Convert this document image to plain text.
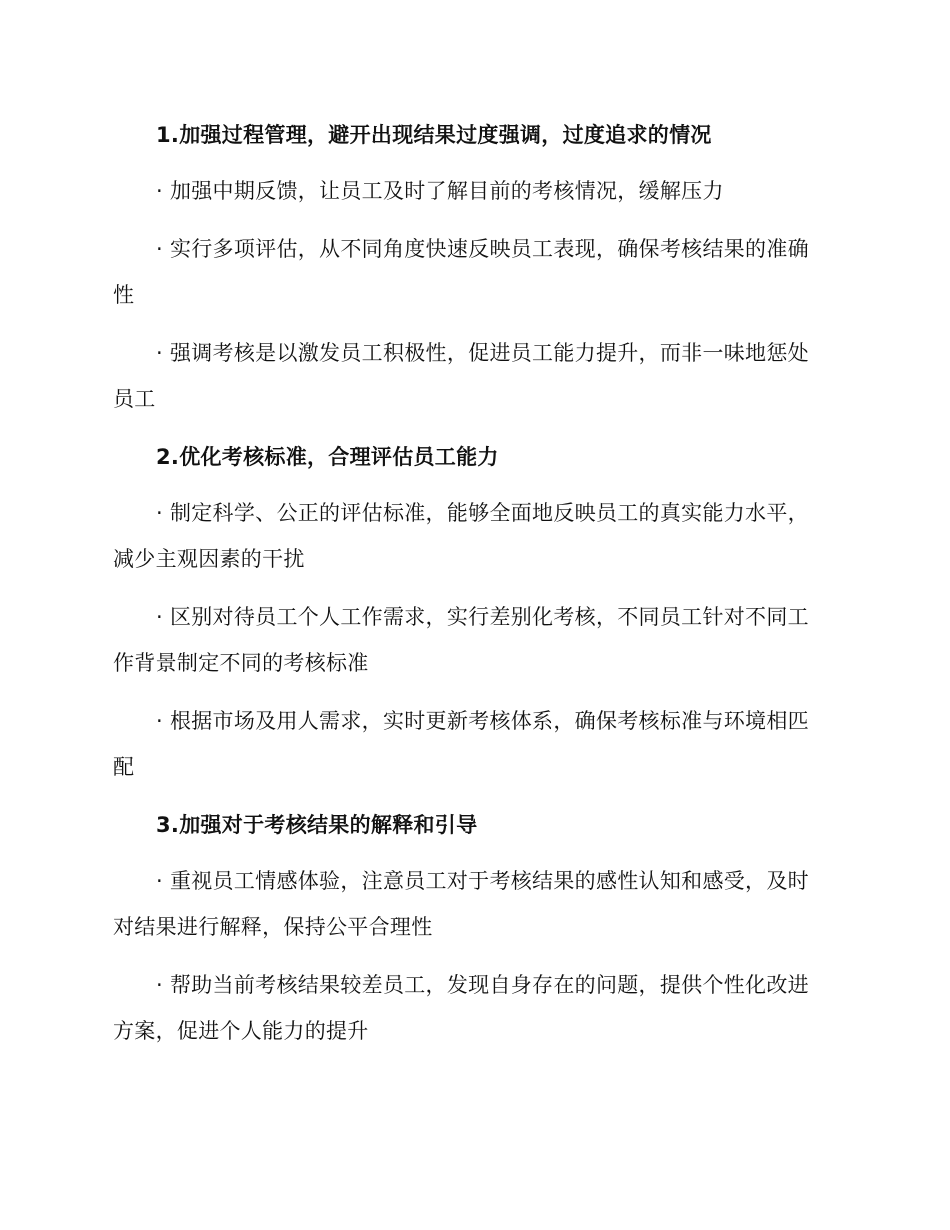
1.加强过程管理，避开出现结果过度强调，过度追求的情况

· 加强中期反馈，让员工及时了解目前的考核情况，缓解压力

· 实行多项评估，从不同角度快速反映员工表现，确保考核结果的准确性

· 强调考核是以激发员工积极性，促进员工能力提升，而非一味地惩处员工

2.优化考核标准，合理评估员工能力

· 制定科学、公正的评估标准，能够全面地反映员工的真实能力水平，减少主观因素的干扰

· 区别对待员工个人工作需求，实行差别化考核，不同员工针对不同工作背景制定不同的考核标准

· 根据市场及用人需求，实时更新考核体系，确保考核标准与环境相匹配

3.加强对于考核结果的解释和引导

· 重视员工情感体验，注意员工对于考核结果的感性认知和感受，及时对结果进行解释，保持公平合理性

· 帮助当前考核结果较差员工，发现自身存在的问题，提供个性化改进方案，促进个人能力的提升
